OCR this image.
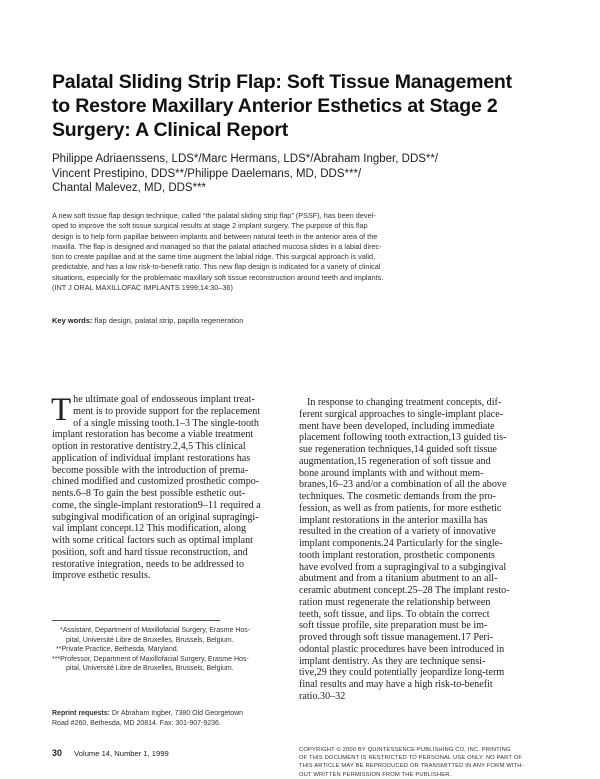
Palatal Sliding Strip Flap: Soft Tissue Management
to Restore Maxillary Anterior Esthetics at Stage 2
Surgery: A Clinical Report
Philippe Adriaenssens, LDS*/Marc Hermans, LDS*/Abraham Ingber, DDS**/
Vincent Prestipino, DDS**/Philippe Daelemans, MD, DDS***/
Chantal Malevez, MD, DDS***
A new soft tissue flap design technique, called “the palatal sliding strip flap” (PSSF), has been devel-
oped to improve the soft tissue surgical results at stage 2 implant surgery. The purpose of this flap
design is to help form papillae between implants and between natural teeth in the anterior area of the
maxilla. The flap is designed and managed so that the palatal attached mucosa slides in a labial direc-
tion to create papillae and at the same time augment the labial ridge. This surgical approach is valid,
predictable, and has a low risk-to-benefit ratio. This new flap design is indicated for a variety of clinical
situations, especially for the problematic maxillary soft tissue reconstruction around teeth and implants.
(INT J ORAL MAXILLOFAC IMPLANTS 1999;14:30–36)
Key words: flap design, palatal strip, papilla regeneration
T he ultimate goal of endosseous implant treat-
ment is to provide support for the replacement
of a single missing tooth.1–3 The single-tooth
implant restoration has become a viable treatment
option in restorative dentistry.2,4,5 This clinical
application of individual implant restorations has
become possible with the introduction of prema-
chined modified and customized prosthetic compo-
nents.6–8 To gain the best possible esthetic out-
come, the single-implant restoration9–11 required a
subgingival modification of an original supragingi-
val implant concept.12 This modification, along
with some critical factors such as optimal implant
position, soft and hard tissue reconstruction, and
restorative integration, needs to be addressed to
improve esthetic results.
In response to changing treatment concepts, dif-
ferent surgical approaches to single-implant place-
ment have been developed, including immediate
placement following tooth extraction,13 guided tis-
sue regeneration techniques,14 guided soft tissue
augmentation,15 regeneration of soft tissue and
bone around implants with and without mem-
branes,16–23 and/or a combination of all the above
techniques. The cosmetic demands from the pro-
fession, as well as from patients, for more esthetic
implant restorations in the anterior maxilla has
resulted in the creation of a variety of innovative
implant components.24 Particularly for the single-
tooth implant restoration, prosthetic components
have evolved from a supragingival to a subgingival
abutment and from a titanium abutment to an all-
ceramic abutment concept.25–28 The implant resto-
ration must regenerate the relationship between
teeth, soft tissue, and lips. To obtain the correct
soft tissue profile, site preparation must be im-
proved through soft tissue management.17 Peri-
odontal plastic procedures have been introduced in
implant dentistry. As they are technique sensi-
tive,29 they could potentially jeopardize long-term
final results and may have a high risk-to-benefit
ratio.30–32
*Assistant, Department of Maxillofacial Surgery, Erasme Hos-
pital, Université Libre de Bruxelles, Brussels, Belgium.
**Private Practice, Bethesda, Maryland.
***Professor, Department of Maxillofacial Surgery, Erasme Hos-
pital, Université Libre de Bruxelles, Brussels, Belgium.
Reprint requests: Dr Abraham Ingber, 7380 Old Georgetown
Road #260, Bethesda, MD 20814. Fax: 301-907-9236.
30 Volume 14, Number 1, 1999	COPYRIGHT © 2000 BY QUINTESSENCE PUBLISHING CO, INC. PRINTING
OF THIS DOCUMENT IS RESTRICTED TO PERSONAL USE ONLY. NO PART OF
THIS ARTICLE MAY BE REPRODUCED OR TRANSMITTED IN ANY FORM WITH-
OUT WRITTEN PERMISSION FROM THE PUBLISHER.
